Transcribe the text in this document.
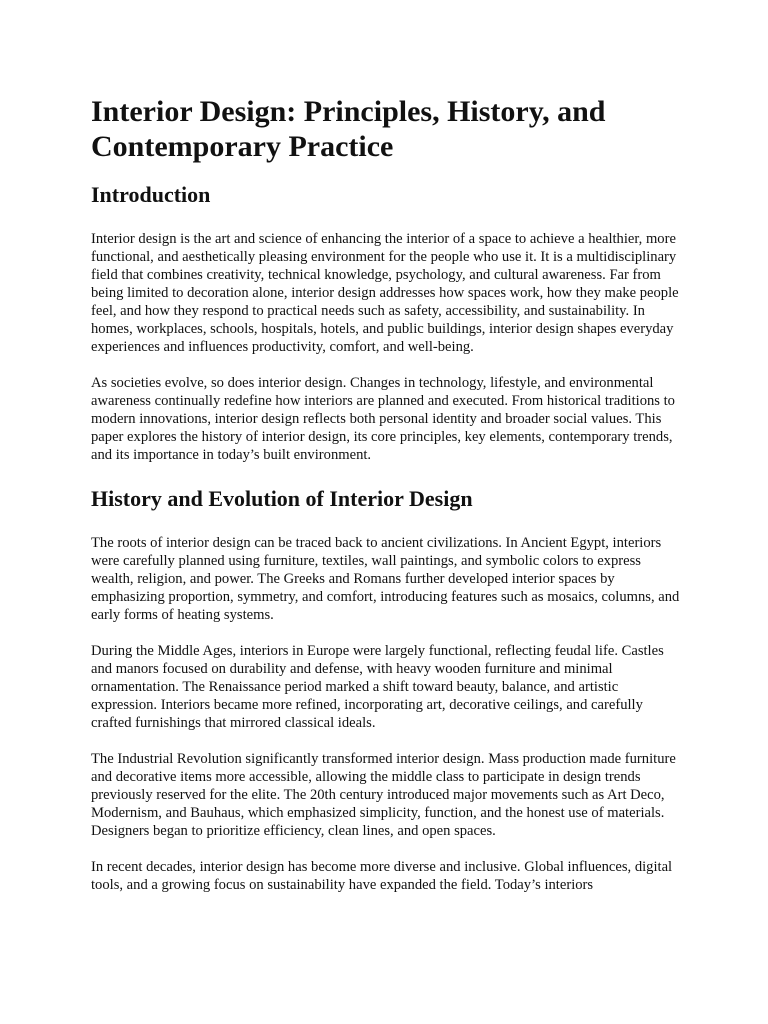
Interior Design: Principles, History, and Contemporary Practice
Introduction

Interior design is the art and science of enhancing the interior of a space to achieve a healthier, more functional, and aesthetically pleasing environment for the people who use it. It is a multidisciplinary field that combines creativity, technical knowledge, psychology, and cultural awareness. Far from being limited to decoration alone, interior design addresses how spaces work, how they make people feel, and how they respond to practical needs such as safety, accessibility, and sustainability. In homes, workplaces, schools, hospitals, hotels, and public buildings, interior design shapes everyday experiences and influences productivity, comfort, and well-being.

As societies evolve, so does interior design. Changes in technology, lifestyle, and environmental awareness continually redefine how interiors are planned and executed. From historical traditions to modern innovations, interior design reflects both personal identity and broader social values. This paper explores the history of interior design, its core principles, key elements, contemporary trends, and its importance in today’s built environment.

History and Evolution of Interior Design

The roots of interior design can be traced back to ancient civilizations. In Ancient Egypt, interiors were carefully planned using furniture, textiles, wall paintings, and symbolic colors to express wealth, religion, and power. The Greeks and Romans further developed interior spaces by emphasizing proportion, symmetry, and comfort, introducing features such as mosaics, columns, and early forms of heating systems.

During the Middle Ages, interiors in Europe were largely functional, reflecting feudal life. Castles and manors focused on durability and defense, with heavy wooden furniture and minimal ornamentation. The Renaissance period marked a shift toward beauty, balance, and artistic expression. Interiors became more refined, incorporating art, decorative ceilings, and carefully crafted furnishings that mirrored classical ideals.

The Industrial Revolution significantly transformed interior design. Mass production made furniture and decorative items more accessible, allowing the middle class to participate in design trends previously reserved for the elite. The 20th century introduced major movements such as Art Deco, Modernism, and Bauhaus, which emphasized simplicity, function, and the honest use of materials. Designers began to prioritize efficiency, clean lines, and open spaces.

In recent decades, interior design has become more diverse and inclusive. Global influences, digital tools, and a growing focus on sustainability have expanded the field. Today’s interiors
